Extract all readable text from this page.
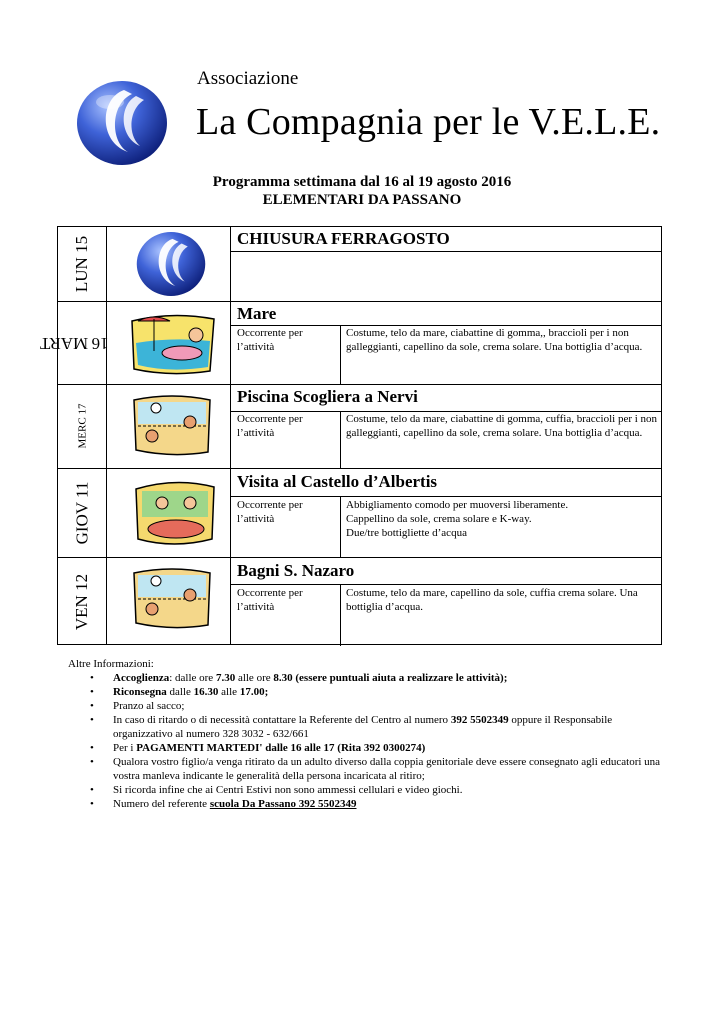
Associazione
La Compagnia per le V.E.L.E.
Programma settimana dal 16 al 19 agosto 2016
ELEMENTARI DA PASSANO
LUN 15	CHIUSURA FERRAGOSTO
MART 16
Mare
Occorrente per l’attività
Costume, telo da mare, ciabattine di gomma,, braccioli per i non galleggianti, capellino da sole, crema solare. Una bottiglia d’acqua.
MERC 17
Piscina Scogliera a Nervi
Occorrente per l’attività
Costume, telo da mare, ciabattine di gomma, cuffia, braccioli per i non galleggianti, capellino da sole, crema solare. Una bottiglia d’acqua.
GIOV 11	Visita al Castello d’Albertis
Occorrente per l’attività
Abbigliamento comodo per muoversi liberamente.
Cappellino da sole, crema solare e K-way.
Due/tre bottigliette d’acqua
VEN 12
Bagni S. Nazaro
Occorrente per l’attività
Costume, telo da mare, capellino da sole, cuffia crema solare. Una bottiglia d’acqua.
Altre Informazioni:
• Accoglienza: dalle ore 7.30 alle ore 8.30 (essere puntuali aiuta a realizzare le attività);
• Riconsegna dalle 16.30 alle 17.00;
• Pranzo al sacco;
• In caso di ritardo o di necessità contattare la Referente del Centro al numero 392 5502349 oppure il Responsabile organizzativo al numero 328 3032 - 632/661
• Per i PAGAMENTI MARTEDI' dalle 16 alle 17 (Rita 392 0300274)
• Qualora vostro figlio/a venga ritirato da un adulto diverso dalla coppia genitoriale deve essere consegnato agli educatori una vostra manleva indicante le generalità della persona incaricata al ritiro;
• Si ricorda infine che ai Centri Estivi non sono ammessi cellulari e video giochi.
• Numero del referente scuola Da Passano 392 5502349
